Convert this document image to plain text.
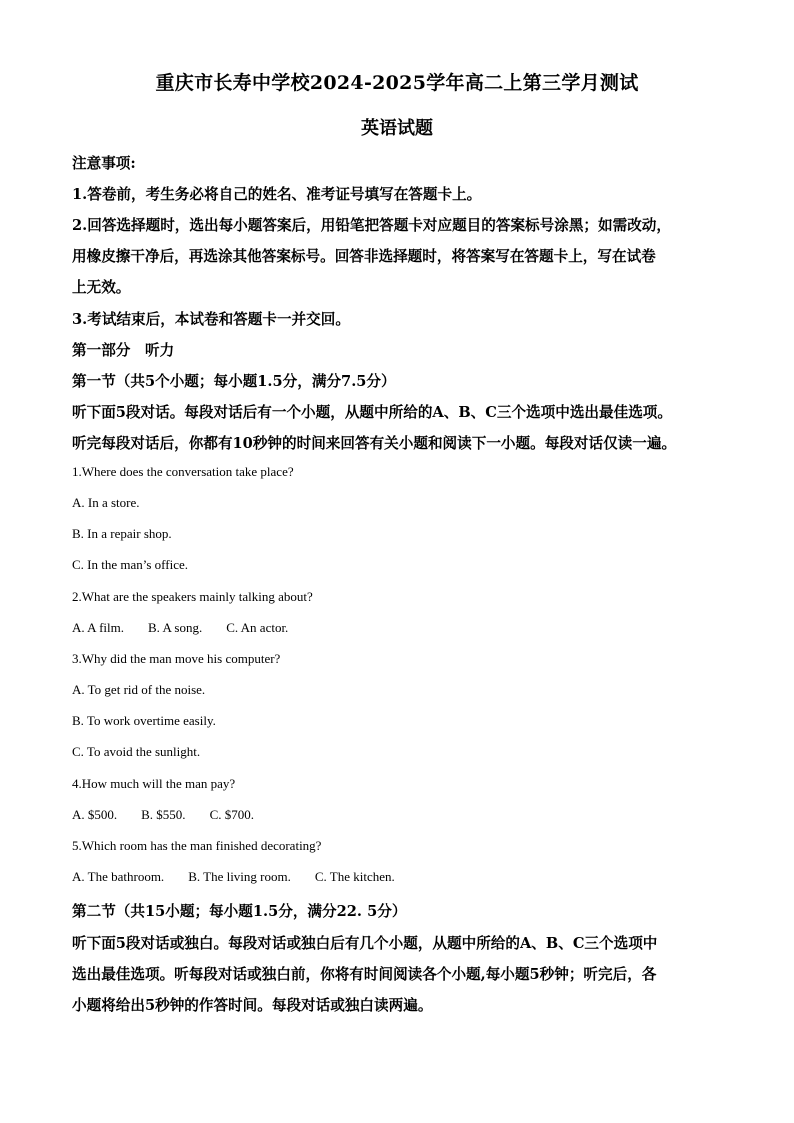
重庆市长寿中学校2024-2025学年高二上第三学月测试
英语试题
注意事项:
1.答卷前，考生务必将自己的姓名、准考证号填写在答题卡上。
2.回答选择题时，选出每小题答案后，用铅笔把答题卡对应题目的答案标号涂黑；如需改动，
用橡皮擦干净后，再选涂其他答案标号。回答非选择题时，将答案写在答题卡上，写在试卷
上无效。
3.考试结束后，本试卷和答题卡一并交回。
第一部分　听力
第一节（共5个小题；每小题1.5分，满分7.5分）
听下面5段对话。每段对话后有一个小题，从题中所给的A、B、C三个选项中选出最佳选项。
听完每段对话后，你都有10秒钟的时间来回答有关小题和阅读下一小题。每段对话仅读一遍。
1.Where does the conversation take place?
A. In a store.
B. In a repair shop.
C. In the man’s office.
2.What are the speakers mainly talking about?
A. A film. B. A song. C. An actor.
3.Why did the man move his computer?
A. To get rid of the noise.
B. To work overtime easily.
C. To avoid the sunlight.
4.How much will the man pay?
A. $500. B. $550. C. $700.
5.Which room has the man finished decorating?
A. The bathroom. B. The living room. C. The kitchen.
第二节（共15小题；每小题1.5分，满分22. 5分）
听下面5段对话或独白。每段对话或独白后有几个小题，从题中所给的A、B、C三个选项中
选出最佳选项。听每段对话或独白前，你将有时间阅读各个小题,每小题5秒钟；听完后，各
小题将给出5秒钟的作答时间。每段对话或独白读两遍。
